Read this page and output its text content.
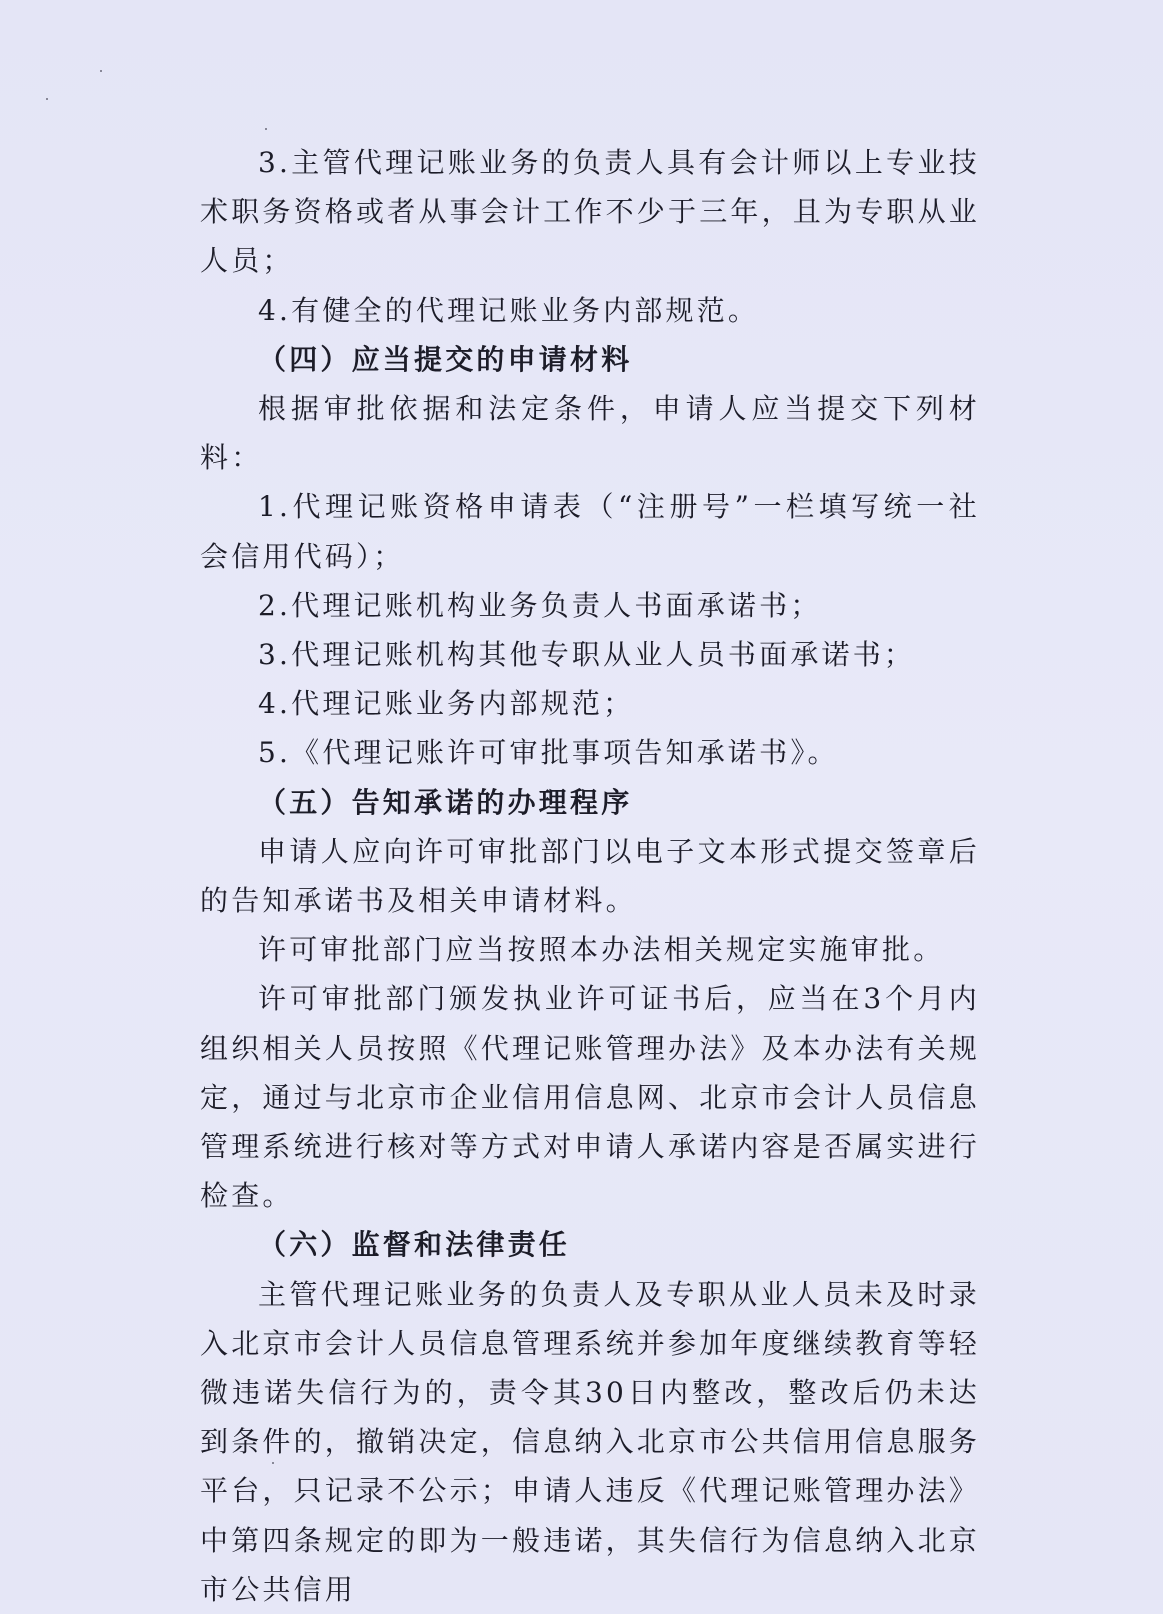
3.主管代理记账业务的负责人具有会计师以上专业技术职务资格或者从事会计工作不少于三年，且为专职从业人员；

4.有健全的代理记账业务内部规范。

（四）应当提交的申请材料

根据审批依据和法定条件，申请人应当提交下列材料：

1.代理记账资格申请表（“注册号”一栏填写统一社会信用代码）；

2.代理记账机构业务负责人书面承诺书；

3.代理记账机构其他专职从业人员书面承诺书；

4.代理记账业务内部规范；

5.《代理记账许可审批事项告知承诺书》。

（五）告知承诺的办理程序

申请人应向许可审批部门以电子文本形式提交签章后的告知承诺书及相关申请材料。

许可审批部门应当按照本办法相关规定实施审批。

许可审批部门颁发执业许可证书后，应当在3个月内组织相关人员按照《代理记账管理办法》及本办法有关规定，通过与北京市企业信用信息网、北京市会计人员信息管理系统进行核对等方式对申请人承诺内容是否属实进行检查。

（六）监督和法律责任

主管代理记账业务的负责人及专职从业人员未及时录入北京市会计人员信息管理系统并参加年度继续教育等轻微违诺失信行为的，责令其30日内整改，整改后仍未达到条件的，撤销决定，信息纳入北京市公共信用信息服务平台，只记录不公示；申请人违反《代理记账管理办法》中第四条规定的即为一般违诺，其失信行为信息纳入北京市公共信用
